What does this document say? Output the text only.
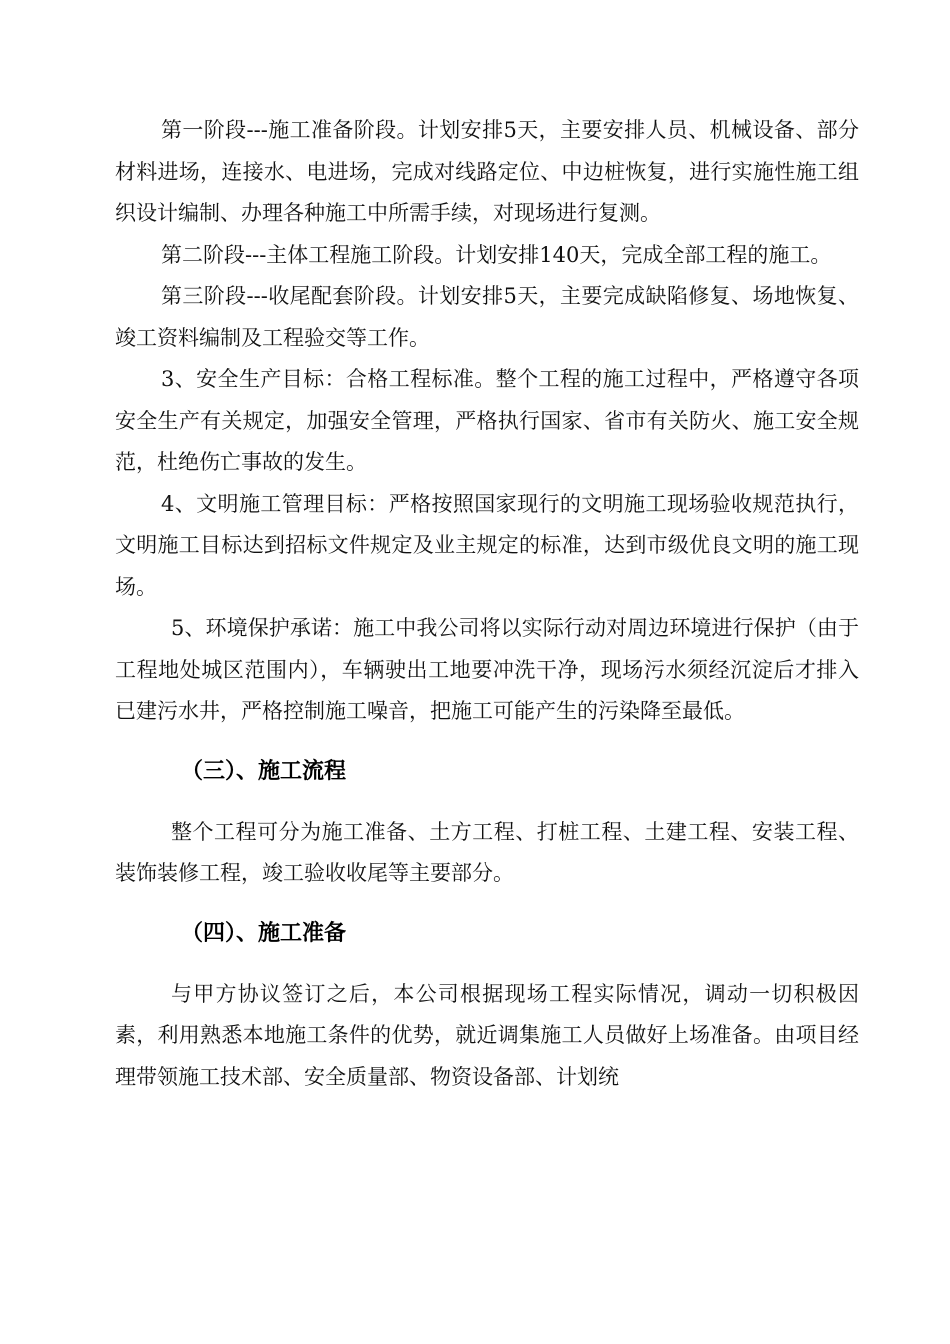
第一阶段---施工准备阶段。计划安排5天，主要安排人员、机械设备、部分材料进场，连接水、电进场，完成对线路定位、中边桩恢复，进行实施性施工组织设计编制、办理各种施工中所需手续，对现场进行复测。

第二阶段---主体工程施工阶段。计划安排140天，完成全部工程的施工。

第三阶段---收尾配套阶段。计划安排5天，主要完成缺陷修复、场地恢复、竣工资料编制及工程验交等工作。

3、安全生产目标：合格工程标准。整个工程的施工过程中，严格遵守各项安全生产有关规定，加强安全管理，严格执行国家、省市有关防火、施工安全规范，杜绝伤亡事故的发生。

4、文明施工管理目标：严格按照国家现行的文明施工现场验收规范执行，文明施工目标达到招标文件规定及业主规定的标准，达到市级优良文明的施工现场。

5、环境保护承诺：施工中我公司将以实际行动对周边环境进行保护（由于工程地处城区范围内），车辆驶出工地要冲洗干净，现场污水须经沉淀后才排入已建污水井，严格控制施工噪音，把施工可能产生的污染降至最低。

（三）、施工流程

整个工程可分为施工准备、土方工程、打桩工程、土建工程、安装工程、装饰装修工程，竣工验收收尾等主要部分。

（四）、施工准备

与甲方协议签订之后，本公司根据现场工程实际情况，调动一切积极因素，利用熟悉本地施工条件的优势，就近调集施工人员做好上场准备。由项目经理带领施工技术部、安全质量部、物资设备部、计划统
